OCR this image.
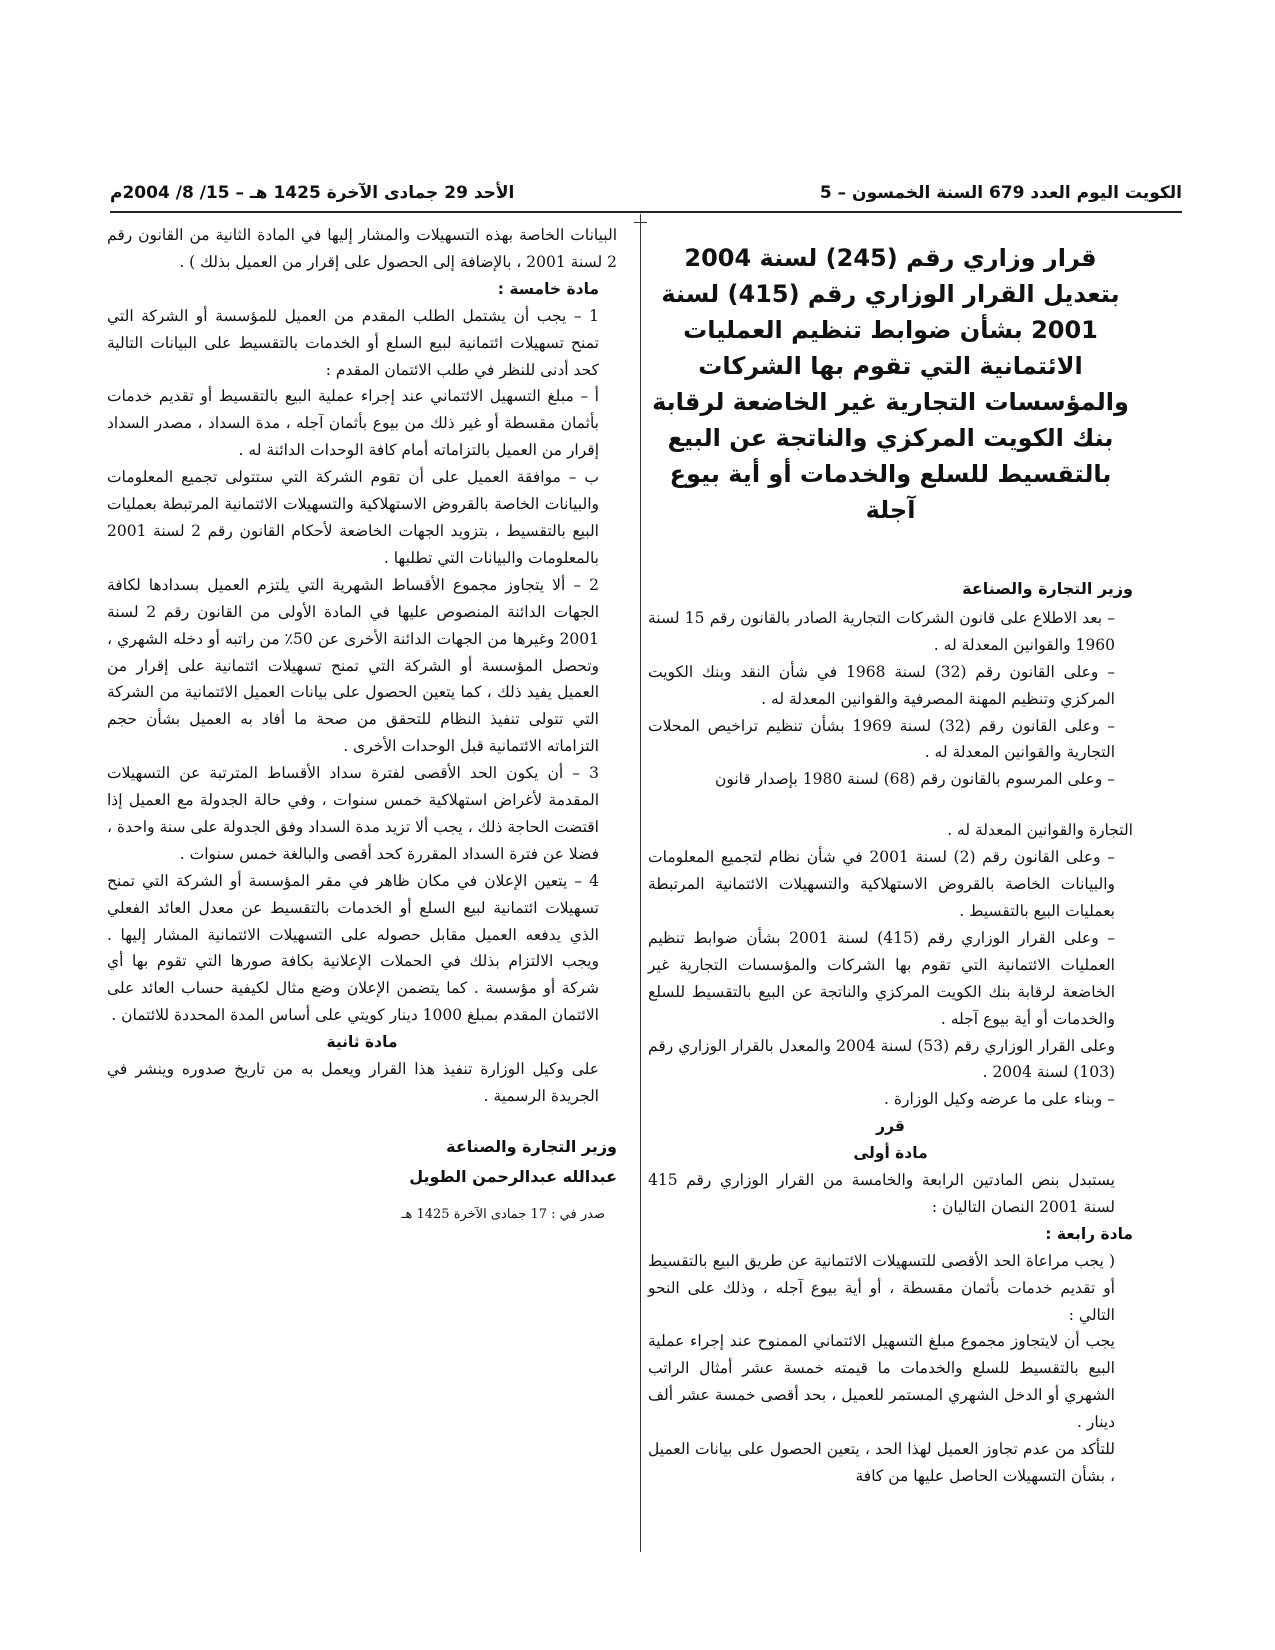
الكويت اليوم العدد 679 السنة الخمسون – 5
الأحد 29 جمادى الآخرة 1425 هـ – 15/ 8/ 2004م

قرار وزاري رقم (245) لسنة 2004 بتعديل القرار الوزاري رقم (415) لسنة 2001 بشأن ضوابط تنظيم العمليات الائتمانية التي تقوم بها الشركات والمؤسسات التجارية غير الخاضعة لرقابة بنك الكويت المركزي والناتجة عن البيع بالتقسيط للسلع والخدمات أو أية بيوع آجلة

وزير التجارة والصناعة

– بعد الاطلاع على قانون الشركات التجارية الصادر بالقانون رقم 15 لسنة 1960 والقوانين المعدلة له .

– وعلى القانون رقم (32) لسنة 1968 في شأن النقد وبنك الكويت المركزي وتنظيم المهنة المصرفية والقوانين المعدلة له .

– وعلى القانون رقم (32) لسنة 1969 بشأن تنظيم تراخيص المحلات التجارية والقوانين المعدلة له .

– وعلى المرسوم بالقانون رقم (68) لسنة 1980 بإصدار قانون

التجارة والقوانين المعدلة له .

– وعلى القانون رقم (2) لسنة 2001 في شأن نظام لتجميع المعلومات والبيانات الخاصة بالقروض الاستهلاكية والتسهيلات الائتمانية المرتبطة بعمليات البيع بالتقسيط .

– وعلى القرار الوزاري رقم (415) لسنة 2001 بشأن ضوابط تنظيم العمليات الائتمانية التي تقوم بها الشركات والمؤسسات التجارية غير الخاضعة لرقابة بنك الكويت المركزي والناتجة عن البيع بالتقسيط للسلع والخدمات أو أية بيوع آجله .

وعلى القرار الوزاري رقم (53) لسنة 2004 والمعدل بالقرار الوزاري رقم (103) لسنة 2004 .

– وبناء على ما عرضه وكيل الوزارة .

قرر

مادة أولى

يستبدل بنص المادتين الرابعة والخامسة من القرار الوزاري رقم 415 لسنة 2001 النصان التاليان :

مادة رابعة :

( يجب مراعاة الحد الأقصى للتسهيلات الائتمانية عن طريق البيع بالتقسيط أو تقديم خدمات بأثمان مقسطة ، أو أية بيوع آجله ، وذلك على النحو التالي :

يجب أن لايتجاوز مجموع مبلغ التسهيل الائتماني الممنوح عند إجراء عملية البيع بالتقسيط للسلع والخدمات ما قيمته خمسة عشر أمثال الراتب الشهري أو الدخل الشهري المستمر للعميل ، بحد أقصى خمسة عشر ألف دينار .

للتأكد من عدم تجاوز العميل لهذا الحد ، يتعين الحصول على بيانات العميل ، بشأن التسهيلات الحاصل عليها من كافة

البيانات الخاصة بهذه التسهيلات والمشار إليها في المادة الثانية من القانون رقم 2 لسنة 2001 ، بالإضافة إلى الحصول على إقرار من العميل بذلك ) .

مادة خامسة :

1 – يجب أن يشتمل الطلب المقدم من العميل للمؤسسة أو الشركة التي تمنح تسهيلات ائتمانية لبيع السلع أو الخدمات بالتقسيط على البيانات التالية كحد أدنى للنظر في طلب الائتمان المقدم :

أ – مبلغ التسهيل الائتماني عند إجراء عملية البيع بالتقسيط أو تقديم خدمات بأثمان مقسطة أو غير ذلك من بيوع بأثمان آجله ، مدة السداد ، مصدر السداد إقرار من العميل بالتزاماته أمام كافة الوحدات الدائنة له .

ب – موافقة العميل على أن تقوم الشركة التي ستتولى تجميع المعلومات والبيانات الخاصة بالقروض الاستهلاكية والتسهيلات الائتمانية المرتبطة بعمليات البيع بالتقسيط ، بتزويد الجهات الخاضعة لأحكام القانون رقم 2 لسنة 2001 بالمعلومات والبيانات التي تطلبها .

2 – ألا يتجاوز مجموع الأقساط الشهرية التي يلتزم العميل بسدادها لكافة الجهات الدائنة المنصوص عليها في المادة الأولى من القانون رقم 2 لسنة 2001 وغيرها من الجهات الدائنة الأخرى عن 50٪ من راتبه أو دخله الشهري ، وتحصل المؤسسة أو الشركة التي تمنح تسهيلات ائتمانية على إقرار من العميل يفيد ذلك ، كما يتعين الحصول على بيانات العميل الائتمانية من الشركة التي تتولى تنفيذ النظام للتحقق من صحة ما أفاد به العميل بشأن حجم التزاماته الائتمانية قبل الوحدات الأخرى .

3 – أن يكون الحد الأقصى لفترة سداد الأقساط المترتبة عن التسهيلات المقدمة لأغراض استهلاكية خمس سنوات ، وفي حالة الجدولة مع العميل إذا اقتضت الحاجة ذلك ، يجب ألا تزيد مدة السداد وفق الجدولة على سنة واحدة ، فضلا عن فترة السداد المقررة كحد أقصى والبالغة خمس سنوات .

4 – يتعين الإعلان في مكان ظاهر في مقر المؤسسة أو الشركة التي تمنح تسهيلات ائتمانية لبيع السلع أو الخدمات بالتقسيط عن معدل العائد الفعلي الذي يدفعه العميل مقابل حصوله على التسهيلات الائتمانية المشار إليها . ويجب الالتزام بذلك في الحملات الإعلانية بكافة صورها التي تقوم بها أي شركة أو مؤسسة . كما يتضمن الإعلان وضع مثال لكيفية حساب العائد على الائتمان المقدم بمبلغ 1000 دينار كويتي على أساس المدة المحددة للائتمان .

مادة ثانية

على وكيل الوزارة تنفيذ هذا القرار ويعمل به من تاريخ صدوره وينشر في الجريدة الرسمية .

وزير التجارة والصناعة

عبدالله عبدالرحمن الطويل

صدر في : 17 جمادى الآخرة 1425 هـ
